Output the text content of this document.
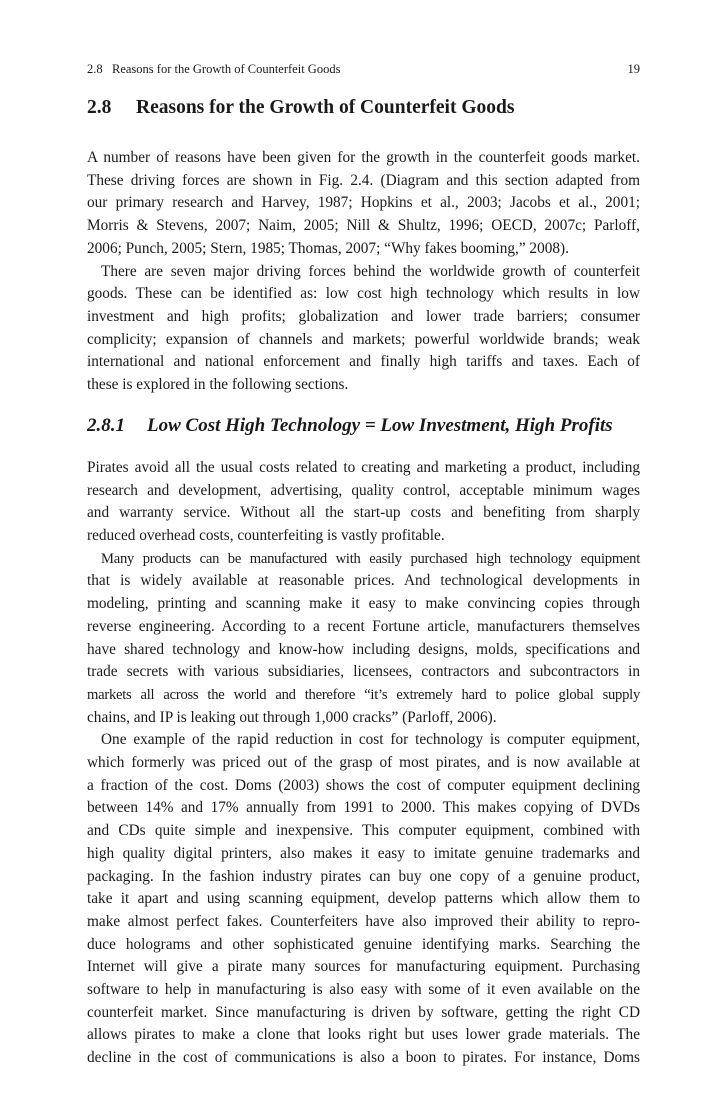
2.8   Reasons for the Growth of Counterfeit Goods	19
2.8 Reasons for the Growth of Counterfeit Goods
A number of reasons have been given for the growth in the counterfeit goods market.
These driving forces are shown in Fig. 2.4. (Diagram and this section adapted from
our primary research and Harvey, 1987; Hopkins et al., 2003; Jacobs et al., 2001;
Morris & Stevens, 2007; Naim, 2005; Nill & Shultz, 1996; OECD, 2007c; Parloff,
2006; Punch, 2005; Stern, 1985; Thomas, 2007; “Why fakes booming,” 2008).
There are seven major driving forces behind the worldwide growth of counterfeit
goods. These can be identified as: low cost high technology which results in low
investment and high profits; globalization and lower trade barriers; consumer
complicity; expansion of channels and markets; powerful worldwide brands; weak
international and national enforcement and finally high tariffs and taxes. Each of
these is explored in the following sections.
2.8.1 Low Cost High Technology = Low Investment, High Profits
Pirates avoid all the usual costs related to creating and marketing a product, including
research and development, advertising, quality control, acceptable minimum wages
and warranty service. Without all the start-up costs and benefiting from sharply
reduced overhead costs, counterfeiting is vastly profitable.
Many products can be manufactured with easily purchased high technology equipment
that is widely available at reasonable prices. And technological developments in
modeling, printing and scanning make it easy to make convincing copies through
reverse engineering. According to a recent Fortune article, manufacturers themselves
have shared technology and know-how including designs, molds, specifications and
trade secrets with various subsidiaries, licensees, contractors and subcontractors in
markets all across the world and therefore “it’s extremely hard to police global supply
chains, and IP is leaking out through 1,000 cracks” (Parloff, 2006).
One example of the rapid reduction in cost for technology is computer equipment,
which formerly was priced out of the grasp of most pirates, and is now available at
a fraction of the cost. Doms (2003) shows the cost of computer equipment declining
between 14% and 17% annually from 1991 to 2000. This makes copying of DVDs
and CDs quite simple and inexpensive. This computer equipment, combined with
high quality digital printers, also makes it easy to imitate genuine trademarks and
packaging. In the fashion industry pirates can buy one copy of a genuine product,
take it apart and using scanning equipment, develop patterns which allow them to
make almost perfect fakes. Counterfeiters have also improved their ability to repro-
duce holograms and other sophisticated genuine identifying marks. Searching the
Internet will give a pirate many sources for manufacturing equipment. Purchasing
software to help in manufacturing is also easy with some of it even available on the
counterfeit market. Since manufacturing is driven by software, getting the right CD
allows pirates to make a clone that looks right but uses lower grade materials. The
decline in the cost of communications is also a boon to pirates. For instance, Doms
